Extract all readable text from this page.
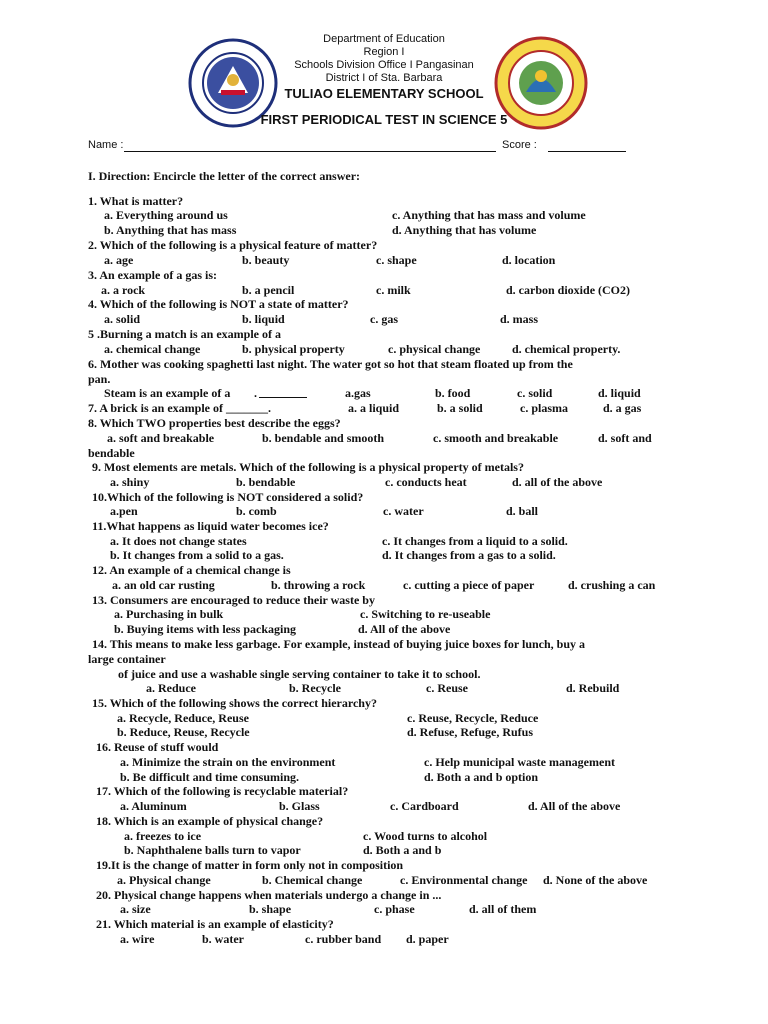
Department of Education
Region I
Schools Division Office I Pangasinan
District I of Sta. Barbara
TULIAO ELEMENTARY SCHOOL
FIRST PERIODICAL TEST IN SCIENCE 5
Name :	Score :
I. Direction: Encircle the letter of the correct answer:
1. What is matter?
a. Everything around us	c. Anything that has mass and volume
b. Anything that has mass	d. Anything that has volume
2. Which of the following is a physical feature of matter?
a. age	b. beauty	c. shape	d. location
3. An example of a gas is:
a. a rock	b. a pencil	c. milk	d. carbon dioxide (CO2)
4. Which of the following is NOT a state of matter?
a. solid	b. liquid	c. gas	d. mass
5 .Burning a match is an example of a
a. chemical change	b. physical property	c. physical change	d. chemical property.
6. Mother was cooking spaghetti last night. The water got so hot that steam floated up from the
pan.
Steam is an example of a .	a.gas	b. food	c. solid	d. liquid
7. A brick is an example of _______.	a. a liquid	b. a solid	c. plasma	d. a gas
8. Which TWO properties best describe the eggs?
a. soft and breakable	b. bendable and smooth	c. smooth and breakable	d. soft and
bendable
9. Most elements are metals. Which of the following is a physical property of metals?
a. shiny	b. bendable	c. conducts heat	d. all of the above
10.Which of the following is NOT considered a solid?
a.pen	b. comb	c. water	d. ball
11.What happens as liquid water becomes ice?
a. It does not change states	c. It changes from a liquid to a solid.
b. It changes from a solid to a gas.	d. It changes from a gas to a solid.
12. An example of a chemical change is
a. an old car rusting	b. throwing a rock	c. cutting a piece of paper	d. crushing a can
13. Consumers are encouraged to reduce their waste by
a. Purchasing in bulk	c. Switching to re-useable
b. Buying items with less packaging	d. All of the above
14. This means to make less garbage. For example, instead of buying juice boxes for lunch, buy a
large container
of juice and use a washable single serving container to take it to school.
a. Reduce	b. Recycle	c. Reuse	d. Rebuild
15. Which of the following shows the correct hierarchy?
a. Recycle, Reduce, Reuse	c. Reuse, Recycle, Reduce
b. Reduce, Reuse, Recycle	d. Refuse, Refuge, Rufus
16. Reuse of stuff would
a. Minimize the strain on the environment	c. Help municipal waste management
b. Be difficult and time consuming.	d. Both a and b option
17. Which of the following is recyclable material?
a. Aluminum	b. Glass	c. Cardboard	d. All of the above
18. Which is an example of physical change?
a. freezes to ice	c. Wood turns to alcohol
b. Naphthalene balls turn to vapor	d. Both a and b
19.It is the change of matter in form only not in composition
a. Physical change	b. Chemical change	c. Environmental change d. None of the above
20. Physical change happens when materials undergo a change in ...
a. size	b. shape	c. phase	d. all of them
21. Which material is an example of elasticity?
a. wire	b. water	c. rubber band d. paper
